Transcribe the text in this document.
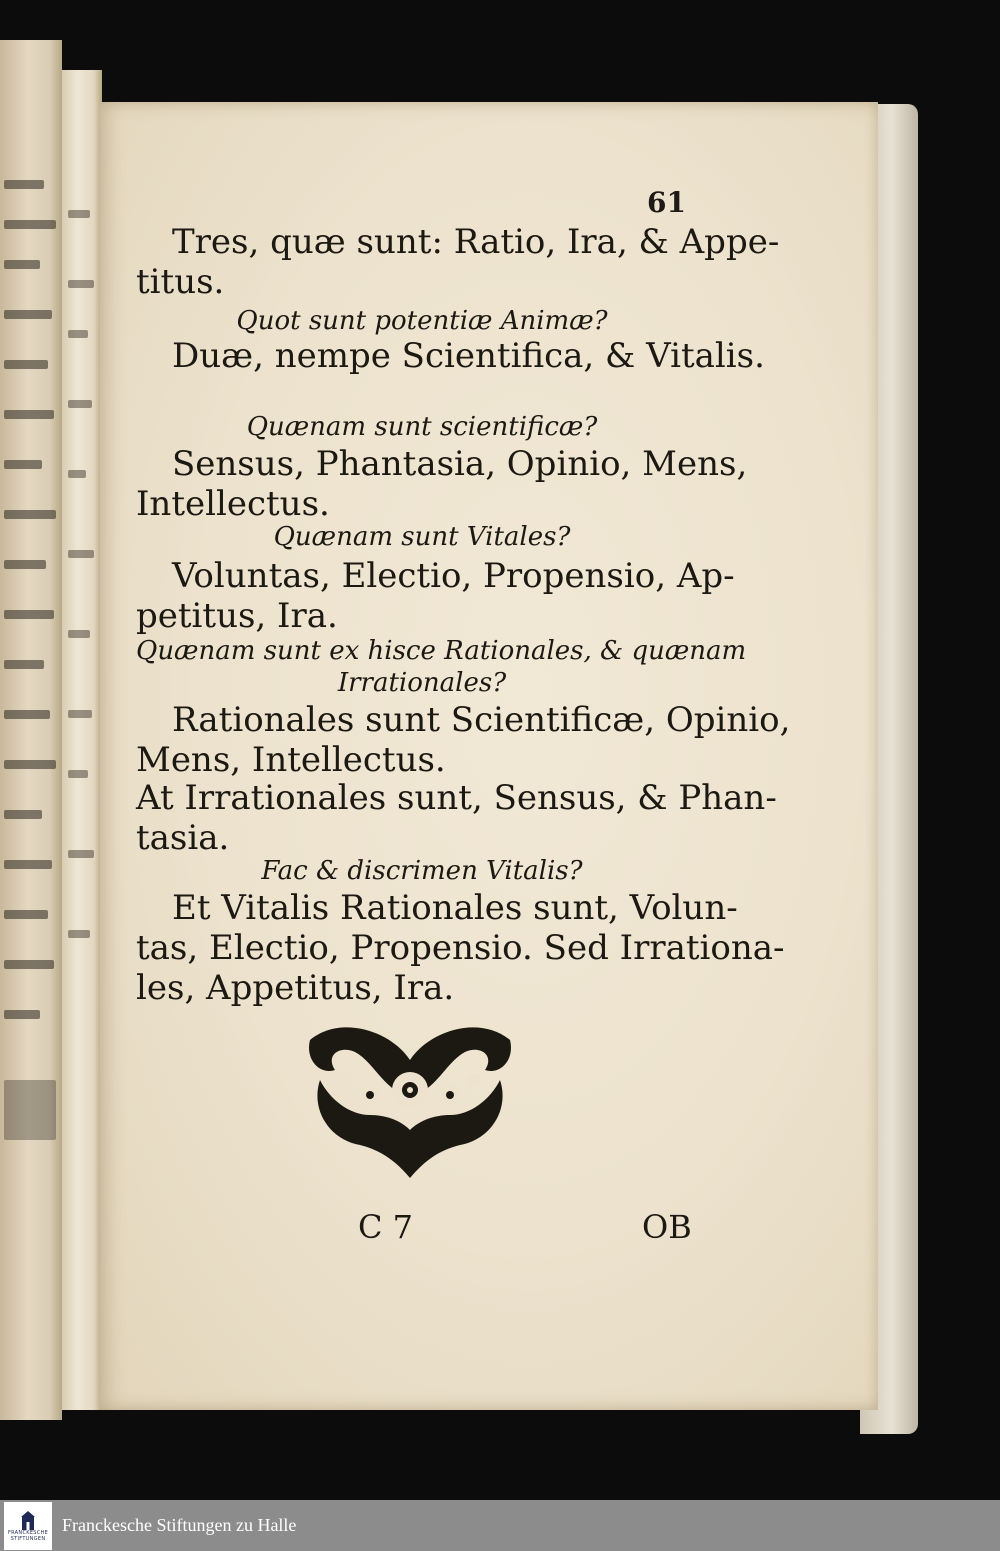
61
Tres, quæ sunt: Ratio, Ira, & Appe-
titus.
Quot sunt potentiæ Animæ?
Duæ, nempe Scientifica, & Vitalis.
Quænam sunt scientificæ?
Sensus, Phantasia, Opinio, Mens,
Intellectus.
Quænam sunt Vitales?
Voluntas, Electio, Propensio, Ap-
petitus, Ira.
Quænam sunt ex hisce Rationales, & quænam
Irrationales?
Rationales sunt Scientificæ, Opinio,
Mens, Intellectus.
At Irrationales sunt, Sensus, & Phan-
tasia.
Fac & discrimen Vitalis?
Et Vitalis Rationales sunt, Volun-
tas, Electio, Propensio. Sed Irrationa-
les, Appetitus, Ira.
C 7	OB
FRANCKESCHE STIFTUNGEN
Franckesche Stiftungen zu Halle
